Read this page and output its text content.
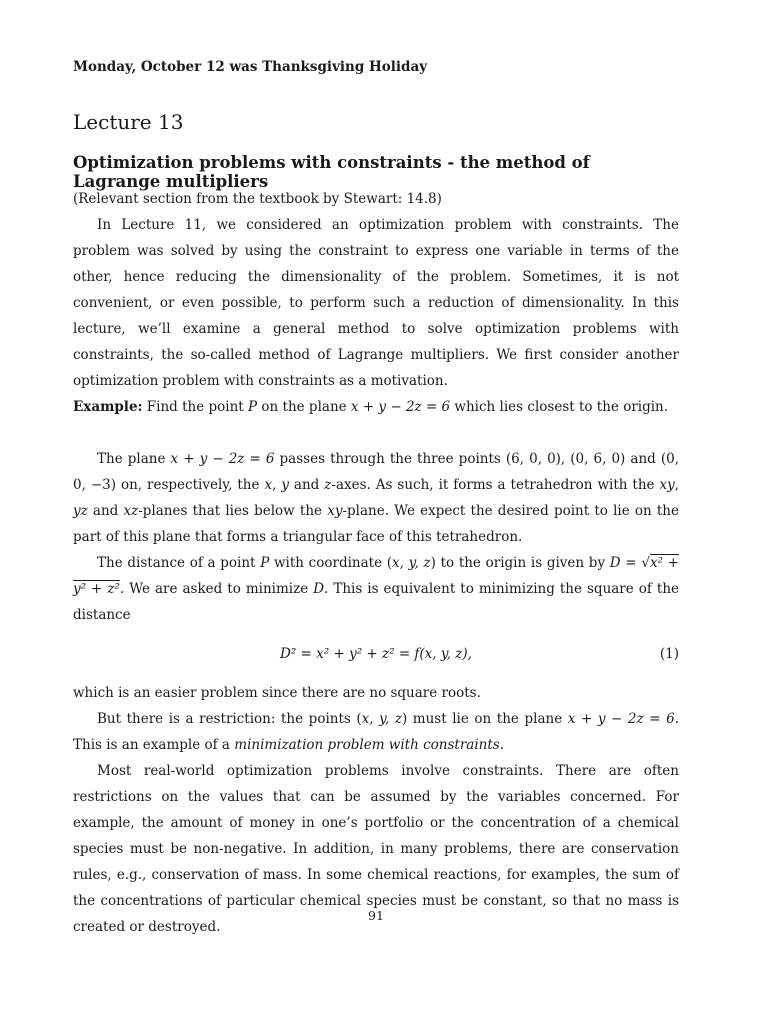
Monday, October 12 was Thanksgiving Holiday

Lecture 13
Optimization problems with constraints - the method of Lagrange multipliers

(Relevant section from the textbook by Stewart: 14.8)

In Lecture 11, we considered an optimization problem with constraints. The problem was solved by using the constraint to express one variable in terms of the other, hence reducing the dimensionality of the problem. Sometimes, it is not convenient, or even possible, to perform such a reduction of dimensionality. In this lecture, we’ll examine a general method to solve optimization problems with constraints, the so-called method of Lagrange multipliers. We first consider another optimization problem with constraints as a motivation.

Example: Find the point P on the plane x + y − 2z = 6 which lies closest to the origin.

The plane x + y − 2z = 6 passes through the three points (6, 0, 0), (0, 6, 0) and (0, 0, −3) on, respectively, the x, y and z-axes. As such, it forms a tetrahedron with the xy, yz and xz-planes that lies below the xy-plane. We expect the desired point to lie on the part of this plane that forms a triangular face of this tetrahedron.

The distance of a point P with coordinate (x, y, z) to the origin is given by D = √x² + y² + z². We are asked to minimize D. This is equivalent to minimizing the square of the distance

D² = x² + y² + z² = f(x, y, z),	(1)

which is an easier problem since there are no square roots.

But there is a restriction: the points (x, y, z) must lie on the plane x + y − 2z = 6. This is an example of a minimization problem with constraints.

Most real-world optimization problems involve constraints. There are often restrictions on the values that can be assumed by the variables concerned. For example, the amount of money in one’s portfolio or the concentration of a chemical species must be non-negative. In addition, in many problems, there are conservation rules, e.g., conservation of mass. In some chemical reactions, for examples, the sum of the concentrations of particular chemical species must be constant, so that no mass is created or destroyed.

91
